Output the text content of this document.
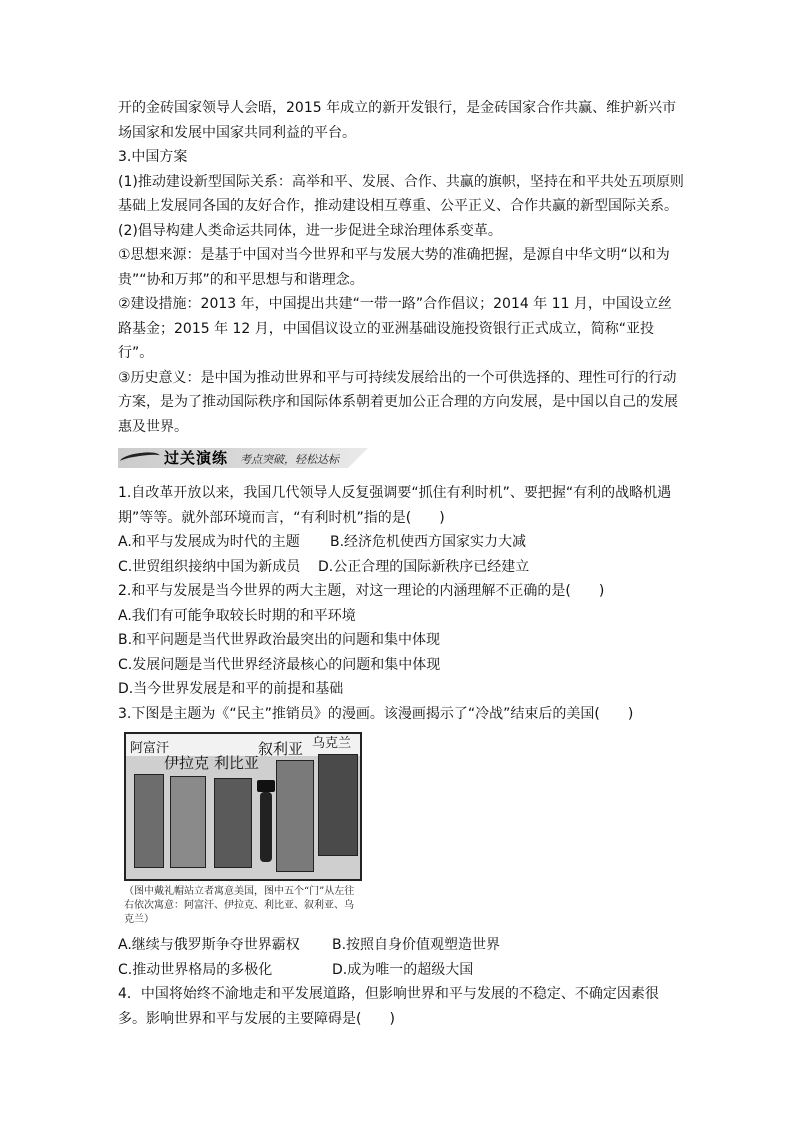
开的金砖国家领导人会晤，2015 年成立的新开发银行，是金砖国家合作共赢、维护新兴市场国家和发展中国家共同利益的平台。

3.中国方案

(1)推动建设新型国际关系：高举和平、发展、合作、共赢的旗帜，坚持在和平共处五项原则基础上发展同各国的友好合作，推动建设相互尊重、公平正义、合作共赢的新型国际关系。

(2)倡导构建人类命运共同体，进一步促进全球治理体系变革。

①思想来源：是基于中国对当今世界和平与发展大势的准确把握，是源自中华文明“以和为贵”“协和万邦”的和平思想与和谐理念。

②建设措施：2013 年，中国提出共建“一带一路”合作倡议；2014 年 11 月，中国设立丝路基金；2015 年 12 月，中国倡议设立的亚洲基础设施投资银行正式成立，简称“亚投行”。

③历史意义：是中国为推动世界和平与可持续发展给出的一个可供选择的、理性可行的行动方案，是为了推动国际秩序和国际体系朝着更加公正合理的方向发展，是中国以自己的发展惠及世界。

过关演练 考点突破，轻松达标

1.自改革开放以来，我国几代领导人反复强调要“抓住有利时机”、要把握“有利的战略机遇期”等等。就外部环境而言，“有利时机”指的是(　　)

A.和平与发展成为时代的主题	B.经济危机使西方国家实力大减

C.世贸组织接纳中国为新成员	D.公正合理的国际新秩序已经建立

2.和平与发展是当今世界的两大主题，对这一理论的内涵理解不正确的是(　　)

A.我们有可能争取较长时期的和平环境

B.和平问题是当代世界政治最突出的问题和集中体现

C.发展问题是当代世界经济最核心的问题和集中体现

D.当今世界发展是和平的前提和基础

3.下图是主题为《“民主”推销员》的漫画。该漫画揭示了“冷战”结束后的美国(　　)

阿富汗
伊拉克 利比亚
叙利亚 乌克兰
（图中戴礼帽站立者寓意美国，图中五个“门”从左往右依次寓意：阿富汗、伊拉克、利比亚、叙利亚、乌克兰）

A.继续与俄罗斯争夺世界霸权	B.按照自身价值观塑造世界

C.推动世界格局的多极化	D.成为唯一的超级大国

4．中国将始终不渝地走和平发展道路，但影响世界和平与发展的不稳定、不确定因素很多。影响世界和平与发展的主要障碍是(　　)
